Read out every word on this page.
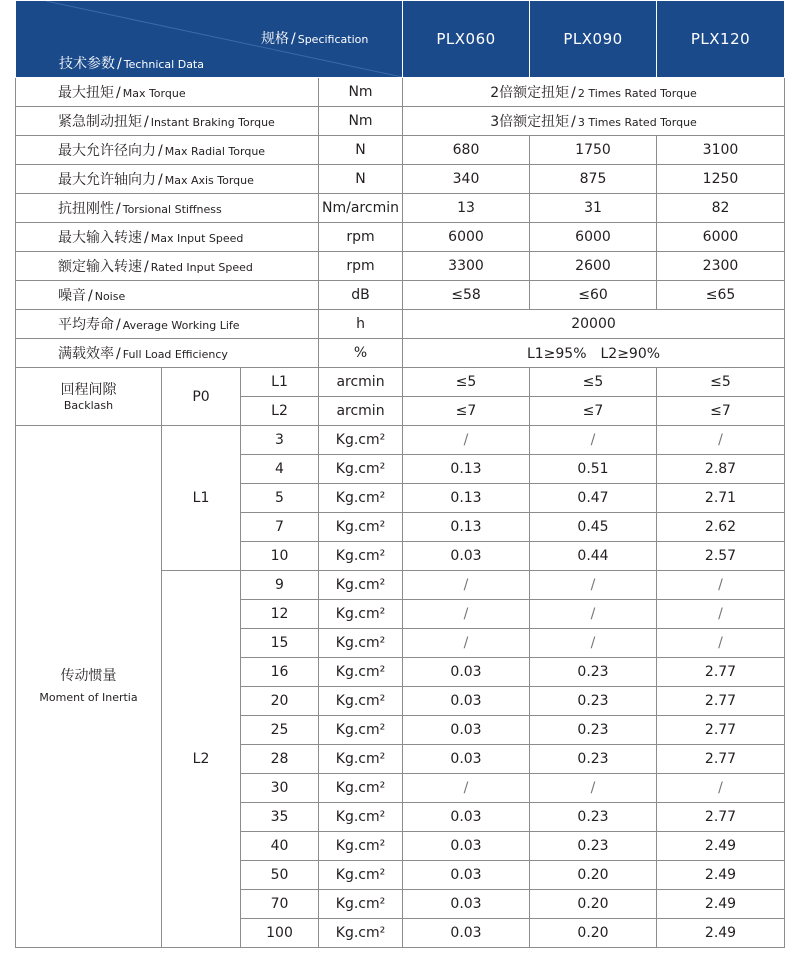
规格 / Specification
技术参数 / Technical Data				PLX060	PLX090	PLX120
最大扭矩 / Max Torque			Nm	2倍额定扭矩 / 2 Times Rated Torque		
紧急制动扭矩 / Instant Braking Torque			Nm	3倍额定扭矩 / 3 Times Rated Torque		
最大允许径向力 / Max Radial Torque			N	680	1750	3100
最大允许轴向力 / Max Axis Torque			N	340	875	1250
抗扭刚性 / Torsional Stiffness			Nm/arcmin	13	31	82
最大输入转速 / Max Input Speed			rpm	6000	6000	6000
额定输入转速 / Rated Input Speed			rpm	3300	2600	2300
噪音 / Noise			dB	≤58	≤60	≤65
平均寿命 / Average Working Life			h	20000		
满载效率 / Full Load Efficiency			%	L1≥95%　L2≥90%		

回程间隙
Backlash	P0	L1	arcmin	≤5	≤5	≤5
		L2	arcmin	≤7	≤7	≤7

传动惯量
Moment of Inertia	L1	3	Kg.cm²	/	/	/
		4	Kg.cm²	0.13	0.51	2.87
		5	Kg.cm²	0.13	0.47	2.71
		7	Kg.cm²	0.13	0.45	2.62
		10	Kg.cm²	0.03	0.44	2.57
	L2	9	Kg.cm²	/	/	/
		12	Kg.cm²	/	/	/
		15	Kg.cm²	/	/	/
		16	Kg.cm²	0.03	0.23	2.77
		20	Kg.cm²	0.03	0.23	2.77
		25	Kg.cm²	0.03	0.23	2.77
		28	Kg.cm²	0.03	0.23	2.77
		30	Kg.cm²	/	/	/
		35	Kg.cm²	0.03	0.23	2.77
		40	Kg.cm²	0.03	0.23	2.49
		50	Kg.cm²	0.03	0.20	2.49
		70	Kg.cm²	0.03	0.20	2.49
		100	Kg.cm²	0.03	0.20	2.49
